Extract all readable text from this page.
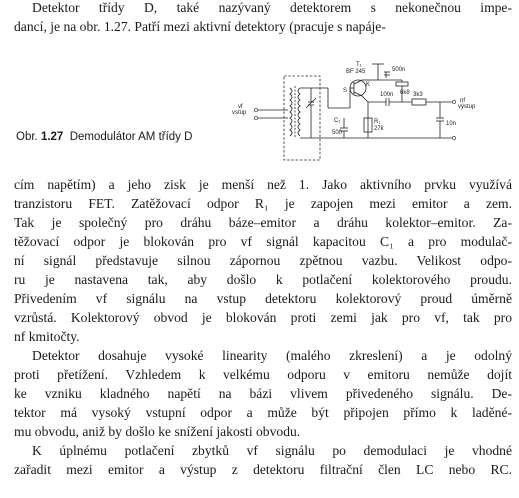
Detektor třídy D, také nazývaný detektorem s nekonečnou impe-
dancí, je na obr. 1.27. Patří mezi aktivní detektory (pracuje s napáje-
Obr. 1.27 Demodulátor AM třídy D
T₁
BF 245
S
K
500n
6k8
100n	3k3
10n
nf
výstup
vf
vstup
C₁
500
R₁
27k
cím napětím) a jeho zisk je menší než 1. Jako aktivního prvku využívá
tranzistoru FET. Zatěžovací odpor R₁ je zapojen mezi emitor a zem.
Tak je společný pro dráhu báze–emitor a dráhu kolektor–emitor. Za-
těžovací odpor je blokován pro vf signál kapacitou C₁ a pro modulač-
ní signál představuje silnou zápornou zpětnou vazbu. Velikost odpo-
ru je nastavena tak, aby došlo k potlačení kolektorového proudu.
Přivedením vf signálu na vstup detektoru kolektorový proud úměrně
vzrůstá. Kolektorový obvod je blokován proti zemi jak pro vf, tak pro
nf kmitočty.
Detektor dosahuje vysoké linearity (malého zkreslení) a je odolný
proti přetížení. Vzhledem k velkému odporu v emitoru nemůže dojít
ke vzniku kladného napětí na bázi vlivem přivedeného signálu. De-
tektor má vysoký vstupní odpor a může být připojen přímo k laděné-
mu obvodu, aniž by došlo ke snížení jakosti obvodu.
K úplnému potlačení zbytků vf signálu po demodulaci je vhodné
zařadit mezi emitor a výstup z detektoru filtrační člen LC nebo RC.
